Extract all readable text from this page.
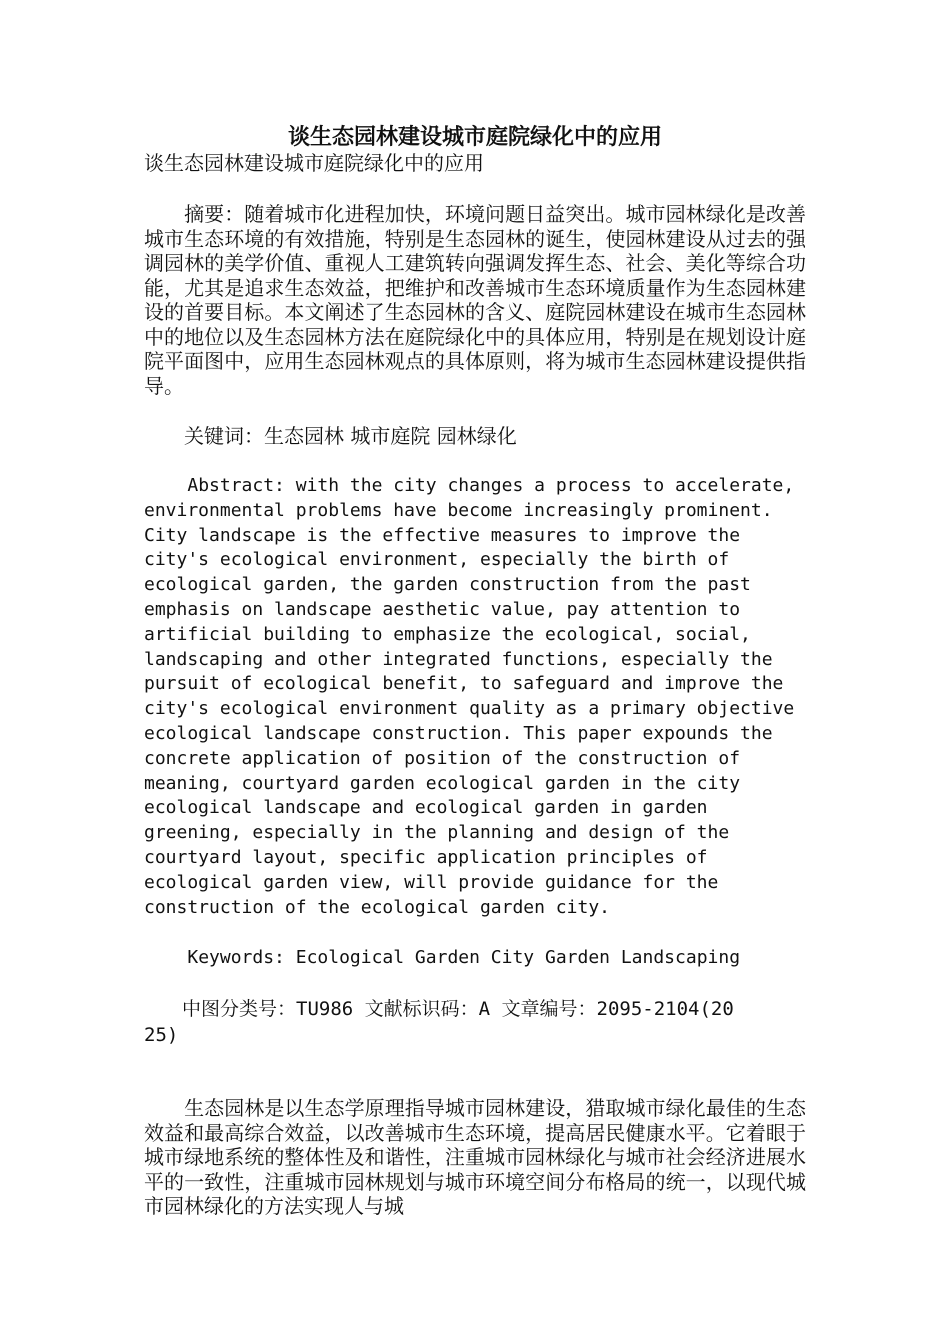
谈生态园林建设城市庭院绿化中的应用
谈生态园林建设城市庭院绿化中的应用

　　摘要：随着城市化进程加快，环境问题日益突出。城市园林绿化是改善城市生态环境的有效措施，特别是生态园林的诞生，使园林建设从过去的强调园林的美学价值、重视人工建筑转向强调发挥生态、社会、美化等综合功能，尤其是追求生态效益，把维护和改善城市生态环境质量作为生态园林建设的首要目标。本文阐述了生态园林的含义、庭院园林建设在城市生态园林中的地位以及生态园林方法在庭院绿化中的具体应用，特别是在规划设计庭院平面图中，应用生态园林观点的具体原则，将为城市生态园林建设提供指导。

　　关键词：生态园林 城市庭院 园林绿化

Abstract: with the city changes a process to accelerate, environmental problems have become increasingly prominent. City landscape is the effective measures to improve the city's ecological environment, especially the birth of ecological garden, the garden construction from the past emphasis on landscape aesthetic value, pay attention to artificial building to emphasize the ecological, social, landscaping and other integrated functions, especially the pursuit of ecological benefit, to safeguard and improve the city's ecological environment quality as a primary objective ecological landscape construction. This paper expounds the concrete application of position of the construction of meaning, courtyard garden ecological garden in the city ecological landscape and ecological garden in garden greening, especially in the planning and design of the courtyard layout, specific application principles of ecological garden view, will provide guidance for the construction of the ecological garden city.

Keywords: Ecological Garden City Garden Landscaping

　　中图分类号：TU986 文献标识码：A 文章编号：2095-2104(2025)

　　生态园林是以生态学原理指导城市园林建设，猎取城市绿化最佳的生态效益和最高综合效益，以改善城市生态环境，提高居民健康水平。它着眼于城市绿地系统的整体性及和谐性，注重城市园林绿化与城市社会经济进展水平的一致性，注重城市园林规划与城市环境空间分布格局的统一，以现代城市园林绿化的方法实现人与城
